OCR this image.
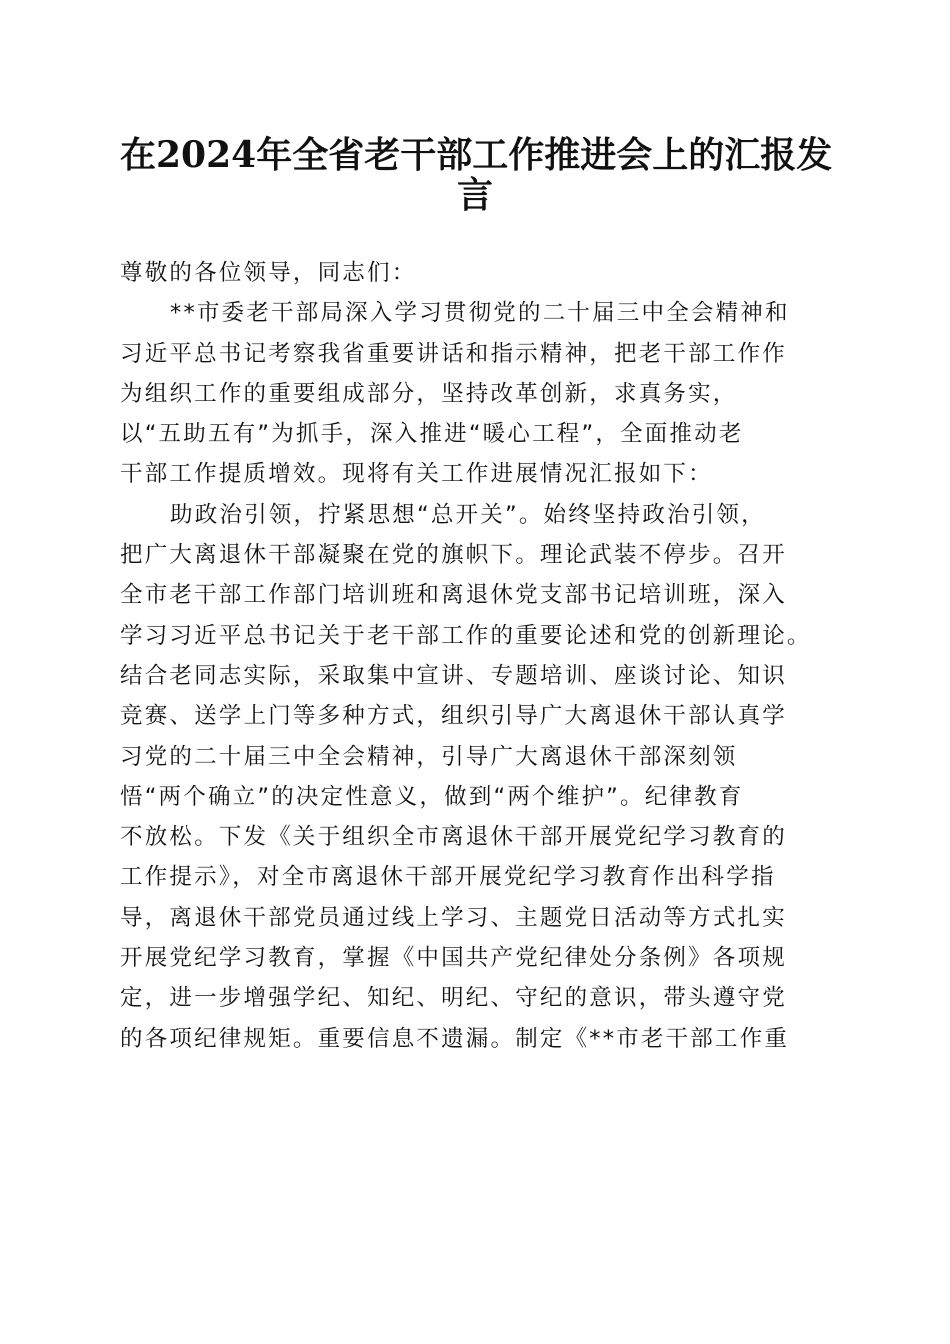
在2024年全省老干部工作推进会上的汇报发
言
尊敬的各位领导，同志们：
**市委老干部局深入学习贯彻党的二十届三中全会精神和
习近平总书记考察我省重要讲话和指示精神，把老干部工作作
为组织工作的重要组成部分，坚持改革创新，求真务实，
以“五助五有”为抓手，深入推进“暖心工程”，全面推动老
干部工作提质增效。现将有关工作进展情况汇报如下：
助政治引领，拧紧思想“总开关”。始终坚持政治引领，
把广大离退休干部凝聚在党的旗帜下。理论武装不停步。召开
全市老干部工作部门培训班和离退休党支部书记培训班，深入
学习习近平总书记关于老干部工作的重要论述和党的创新理论。
结合老同志实际，采取集中宣讲、专题培训、座谈讨论、知识
竞赛、送学上门等多种方式，组织引导广大离退休干部认真学
习党的二十届三中全会精神，引导广大离退休干部深刻领
悟“两个确立”的决定性意义，做到“两个维护”。纪律教育
不放松。下发《关于组织全市离退休干部开展党纪学习教育的
工作提示》，对全市离退休干部开展党纪学习教育作出科学指
导，离退休干部党员通过线上学习、主题党日活动等方式扎实
开展党纪学习教育，掌握《中国共产党纪律处分条例》各项规
定，进一步增强学纪、知纪、明纪、守纪的意识，带头遵守党
的各项纪律规矩。重要信息不遗漏。制定《**市老干部工作重
